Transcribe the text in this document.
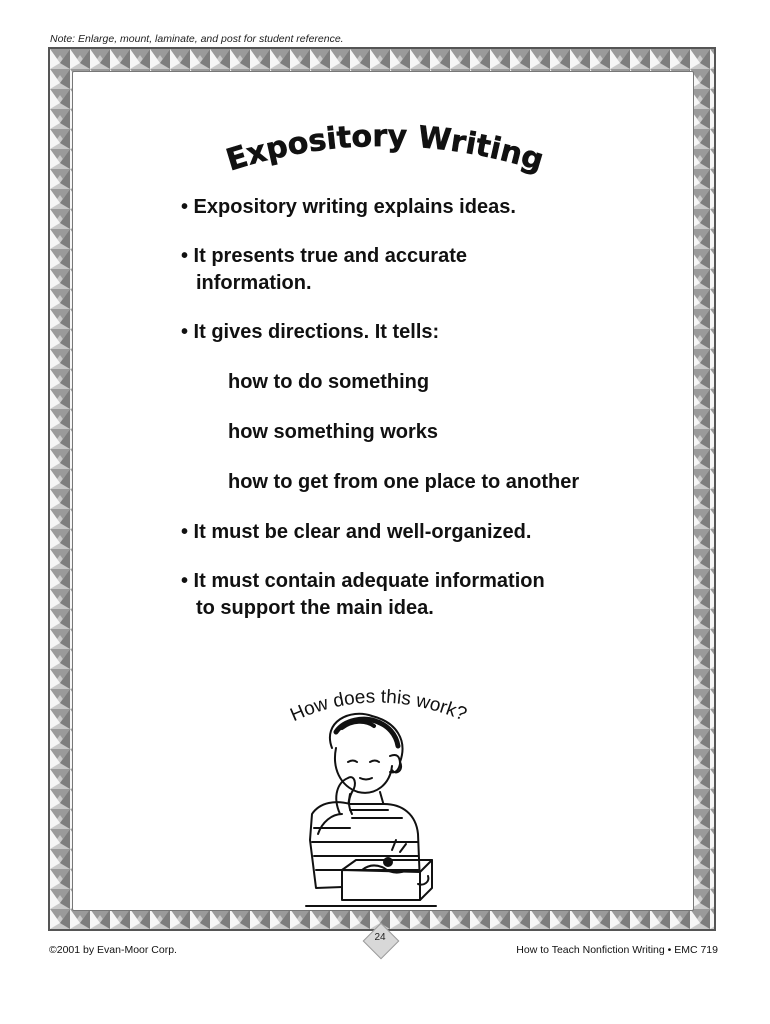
Note: Enlarge, mount, laminate, and post for student reference.
Expository Writing
• Expository writing explains ideas.
• It presents true and accurate
information.
• It gives directions. It tells:
how to do something
how something works
how to get from one place to another
• It must be clear and well-organized.
• It must contain adequate information
to support the main idea.
How does this work?
24
©2001 by Evan-Moor Corp.	How to Teach Nonfiction Writing • EMC 719
